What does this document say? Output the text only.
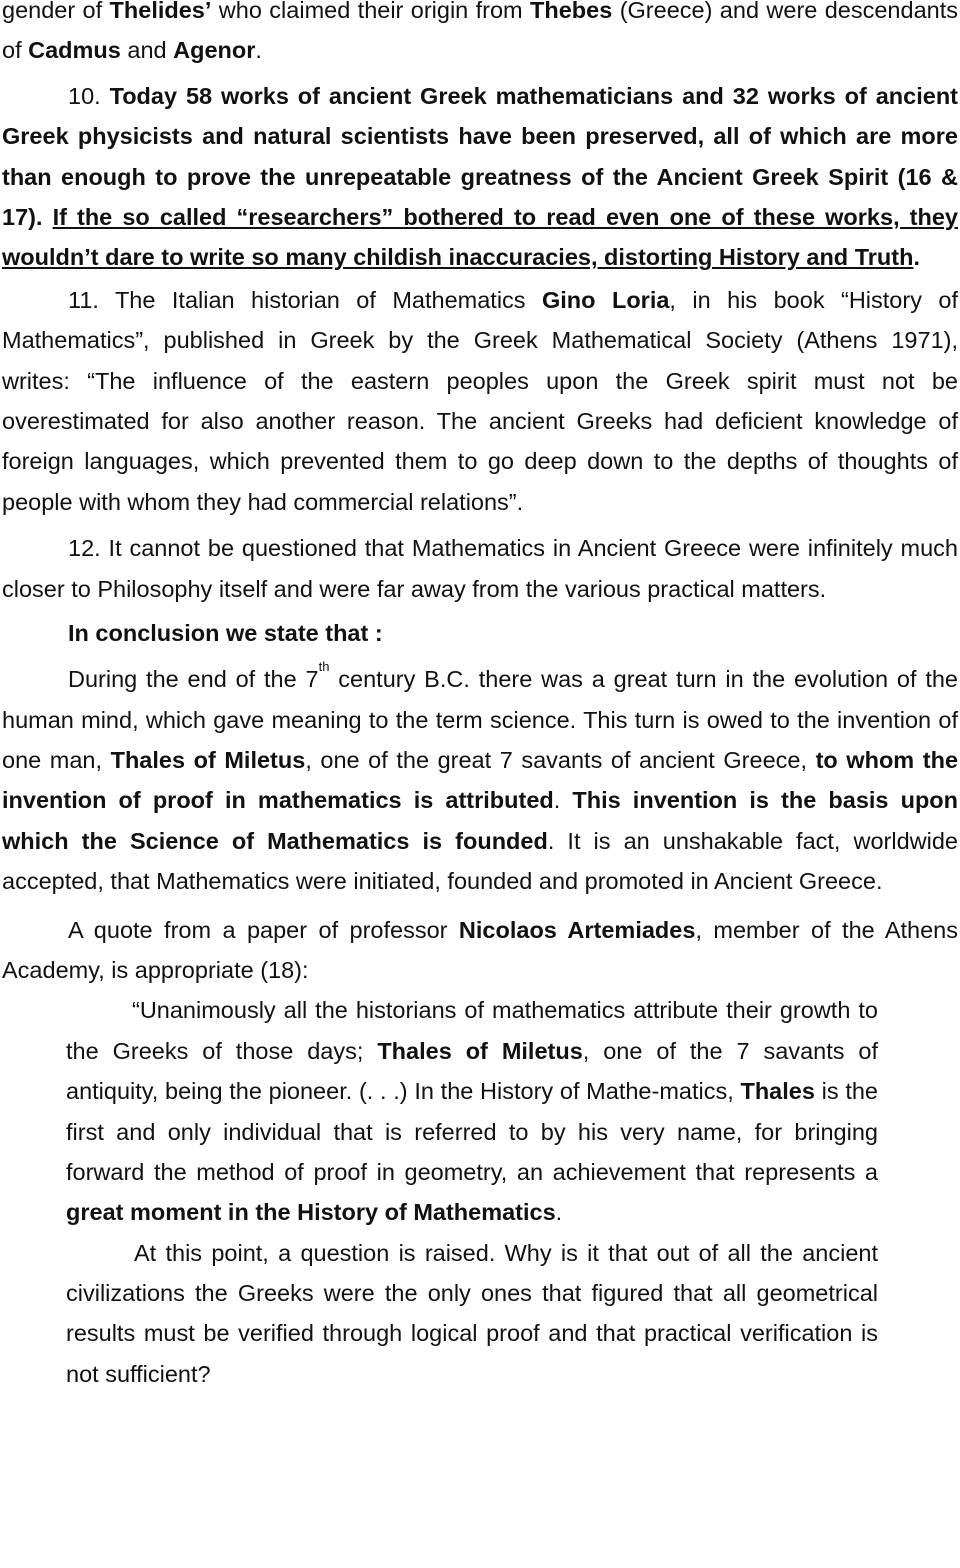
gender of Thelides’ who claimed their origin from Thebes (Greece) and were descendants of Cadmus and Agenor.

10. Today 58 works of ancient Greek mathematicians and 32 works of ancient Greek physicists and natural scientists have been preserved, all of which are more than enough to prove the unrepeatable greatness of the Ancient Greek Spirit (16 & 17). If the so called “researchers” bothered to read even one of these works, they wouldn’t dare to write so many childish inaccuracies, distorting History and Truth.

11. The Italian historian of Mathematics Gino Loria, in his book “History of Mathematics”, published in Greek by the Greek Mathematical Society (Athens 1971), writes: “The influence of the eastern peoples upon the Greek spirit must not be overestimated for also another reason. The ancient Greeks had deficient knowledge of foreign languages, which prevented them to go deep down to the depths of thoughts of people with whom they had commercial relations”.

12. It cannot be questioned that Mathematics in Ancient Greece were infinitely much closer to Philosophy itself and were far away from the various practical matters.

In conclusion we state that :

During the end of the 7th century B.C. there was a great turn in the evolution of the human mind, which gave meaning to the term science. This turn is owed to the invention of one man, Thales of Miletus, one of the great 7 savants of ancient Greece, to whom the invention of proof in mathematics is attributed. This invention is the basis upon which the Science of Mathematics is founded. It is an unshakable fact, worldwide accepted, that Mathematics were initiated, founded and promoted in Ancient Greece.

A quote from a paper of professor Nicolaos Artemiades, member of the Athens Academy, is appropriate (18):

“Unanimously all the historians of mathematics attribute their growth to the Greeks of those days; Thales of Miletus, one of the 7 savants of antiquity, being the pioneer. (. . .) In the History of Mathe-matics, Thales is the first and only individual that is referred to by his very name, for bringing forward the method of proof in geometry, an achievement that represents a great moment in the History of Mathematics.

At this point, a question is raised. Why is it that out of all the ancient civilizations the Greeks were the only ones that figured that all geometrical results must be verified through logical proof and that practical verification is not sufficient?
